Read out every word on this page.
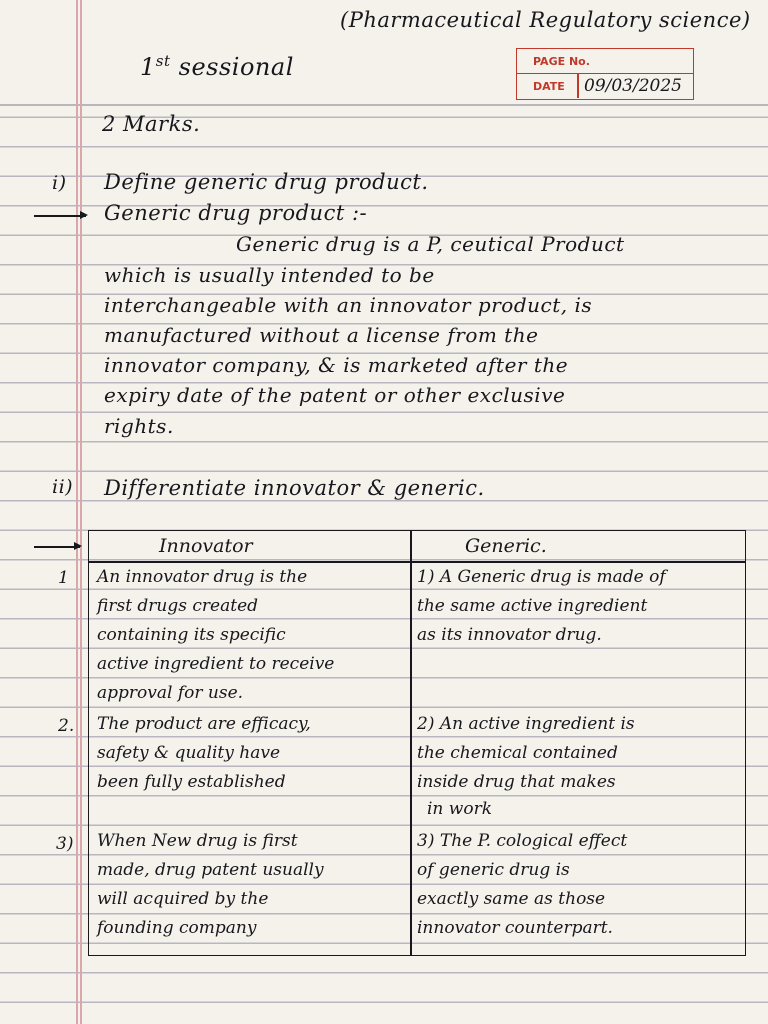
(Pharmaceutical Regulatory science)
1st sessional	PAGE No.
DATE 09/03/2025
2 Marks.
i) Define generic drug product.
Generic drug product :-
Generic drug is a P, ceutical Product
which is usually intended to be
interchangeable with an innovator product, is
manufactured without a license from the
innovator company, & is marketed after the
expiry date of the patent or other exclusive
rights.
ii) Differentiate innovator & generic.
Innovator	Generic.
An innovator drug is the
first drugs created
containing its specific
active ingredient to receive
approval for use.
1) A Generic drug is made of
the same active ingredient
as its innovator drug.
The product are efficacy,
safety & quality have
been fully established
2) An active ingredient is
the chemical contained
inside drug that makes
in work
When New drug is first
made, drug patent usually
will acquired by the
founding company
3) The P. cological effect
of generic drug is
exactly same as those
innovator counterpart.
1
2.
3)
